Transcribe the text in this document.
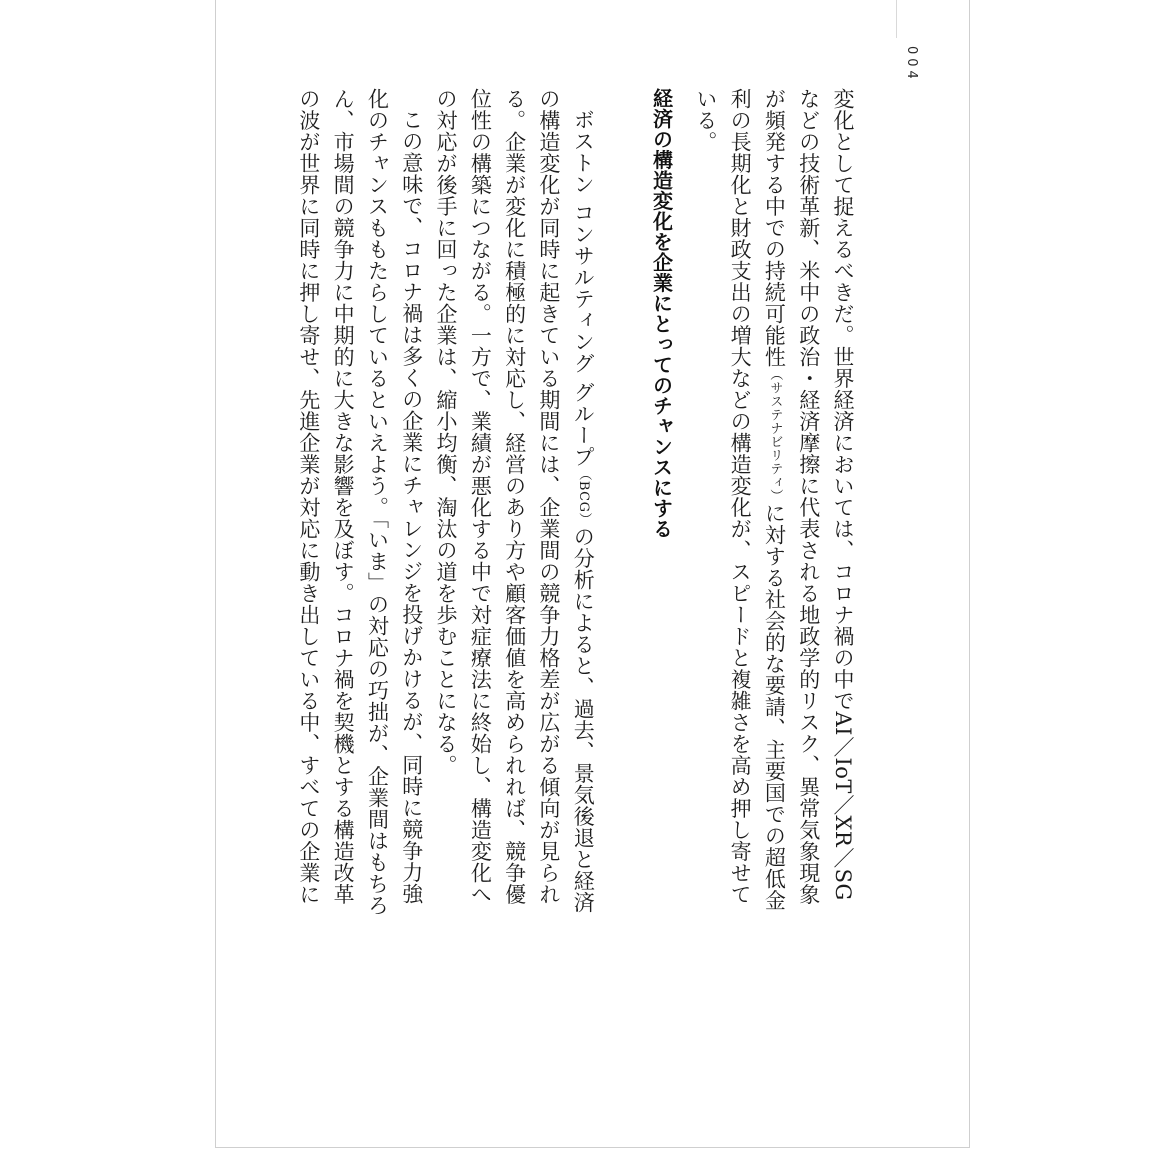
004

変化として捉えるべきだ。世界経済においては、コロナ禍の中でAI／IoT／XR／SGなどの技術革新、米中の政治・経済摩擦に代表される地政学的リスク、異常気象現象が頻発する中での持続可能性（サステナビリティ）に対する社会的な要請、主要国での超低金利の長期化と財政支出の増大などの構造変化が、スピードと複雑さを高め押し寄せている。

経済の構造変化を企業にとってのチャンスにする

ボストン コンサルティング グループ（BCG）の分析によると、過去、景気後退と経済の構造変化が同時に起きている期間には、企業間の競争力格差が広がる傾向が見られる。企業が変化に積極的に対応し、経営のあり方や顧客価値を高められれば、競争優位性の構築につながる。一方で、業績が悪化する中で対症療法に終始し、構造変化への対応が後手に回った企業は、縮小均衡、淘汰の道を歩むことになる。

この意味で、コロナ禍は多くの企業にチャレンジを投げかけるが、同時に競争力強化のチャンスももたらしているといえよう。「いま」の対応の巧拙が、企業間はもちろん、市場間の競争力に中期的に大きな影響を及ぼす。コロナ禍を契機とする構造改革の波が世界に同時に押し寄せ、先進企業が対応に動き出している中、すべての企業に
